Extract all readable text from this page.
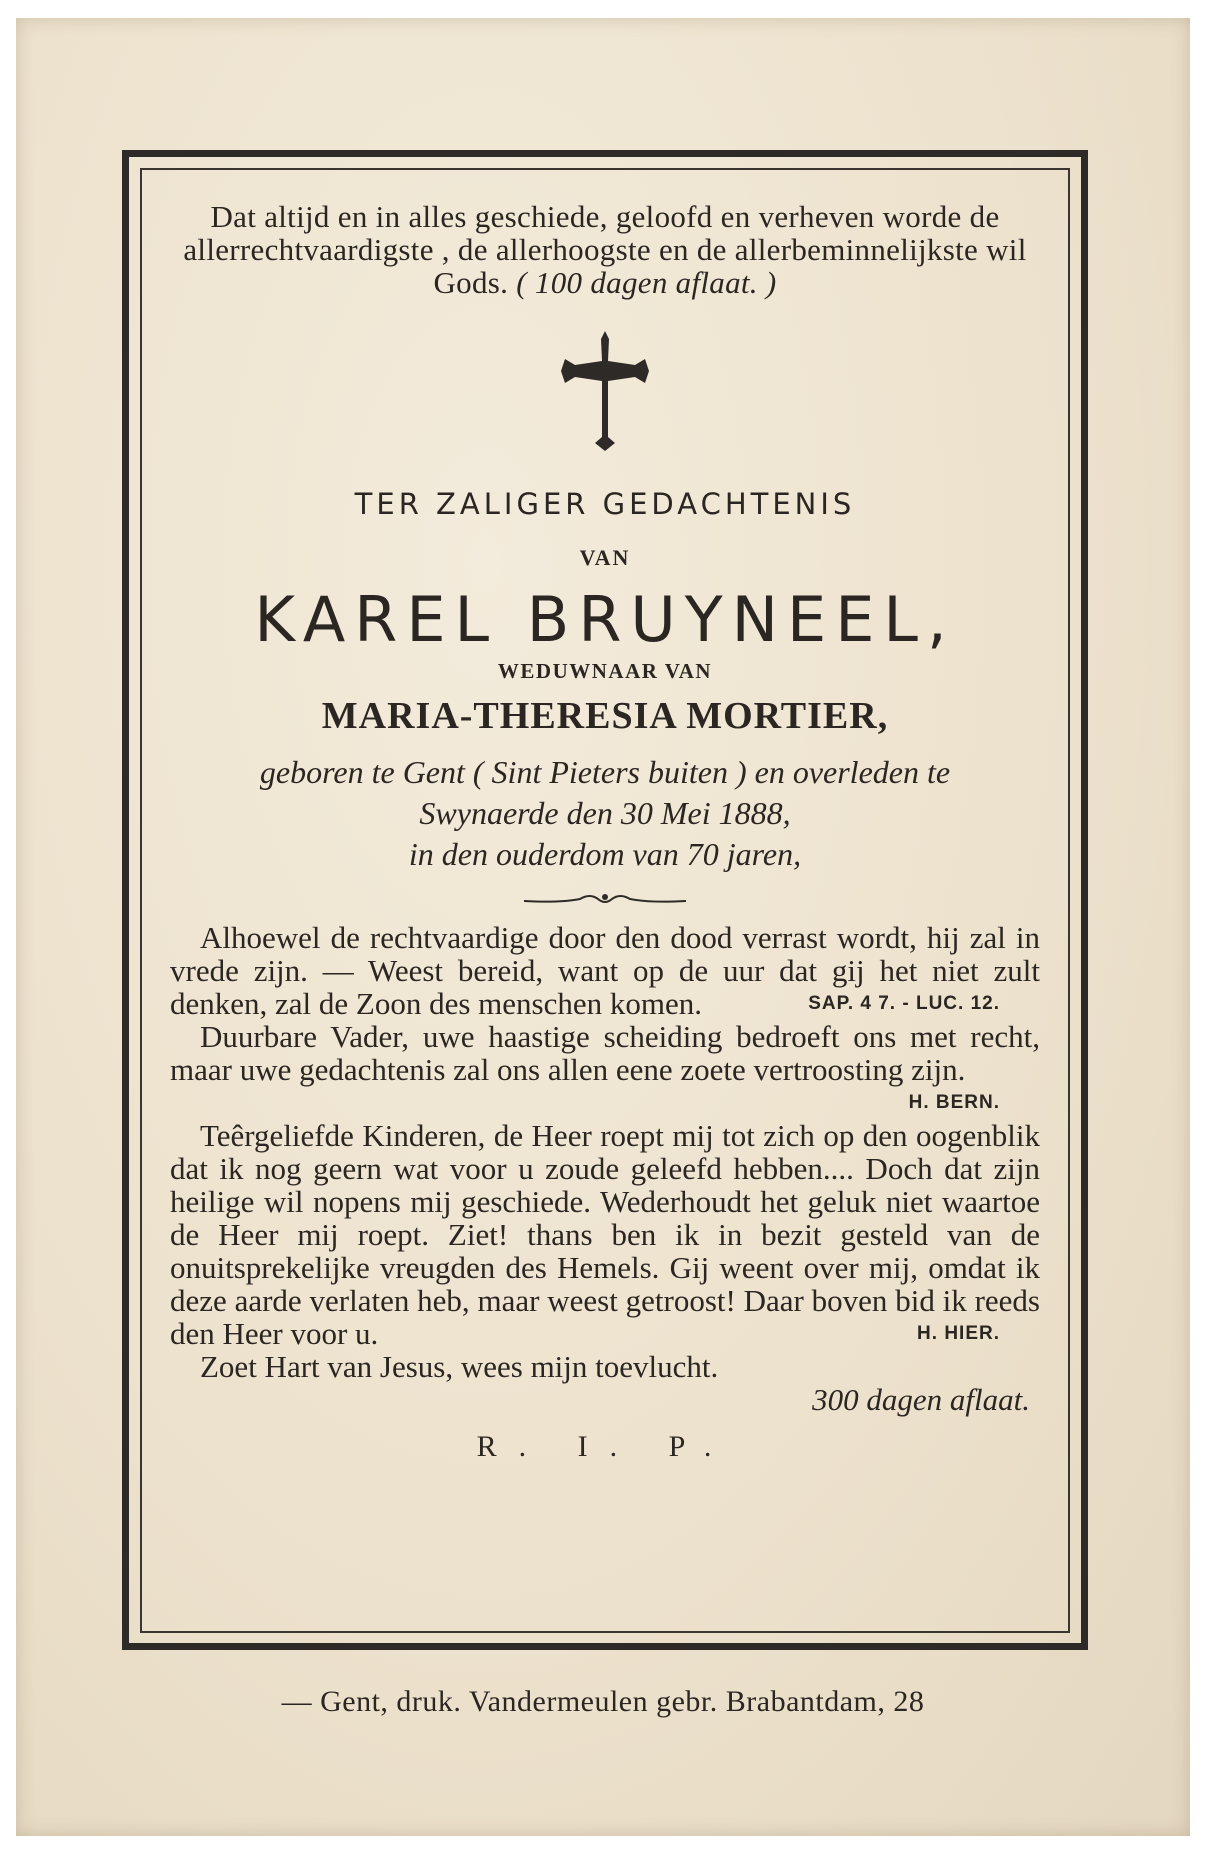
Dat altijd en in alles geschiede, geloofd en verheven worde de allerrechtvaardigste , de allerhoogste en de allerbeminnelijkste wil Gods. ( 100 dagen aflaat. )

TER ZALIGER GEDACHTENIS
VAN
KAREL BRUYNEEL,
WEDUWNAAR VAN
MARIA-THERESIA MORTIER,
geboren te Gent ( Sint Pieters buiten ) en overleden te
Swynaerde den 30 Mei 1888,
in den ouderdom van 70 jaren,

Alhoewel de rechtvaardige door den dood verrast wordt, hij zal in vrede zijn. — Weest bereid, want op de uur dat gij het niet zult denken, zal de Zoon des menschen komen.	SAP. 4 7. - LUC. 12.

Duurbare Vader, uwe haastige scheiding bedroeft ons met recht, maar uwe gedachtenis zal ons allen eene zoete vertroosting zijn.
H. BERN.

Teêrgeliefde Kinderen, de Heer roept mij tot zich op den oogenblik dat ik nog geern wat voor u zoude geleefd hebben.... Doch dat zijn heilige wil nopens mij geschiede. Wederhoudt het geluk niet waartoe de Heer mij roept. Ziet! thans ben ik in bezit gesteld van de onuitsprekelijke vreugden des Hemels. Gij weent over mij, omdat ik deze aarde verlaten heb, maar weest getroost! Daar boven bid ik reeds den Heer voor u.	H. HIER.

Zoet Hart van Jesus, wees mijn toevlucht.

300 dagen aflaat.

R. I. P.
— Gent, druk. Vandermeulen gebr. Brabantdam, 28
